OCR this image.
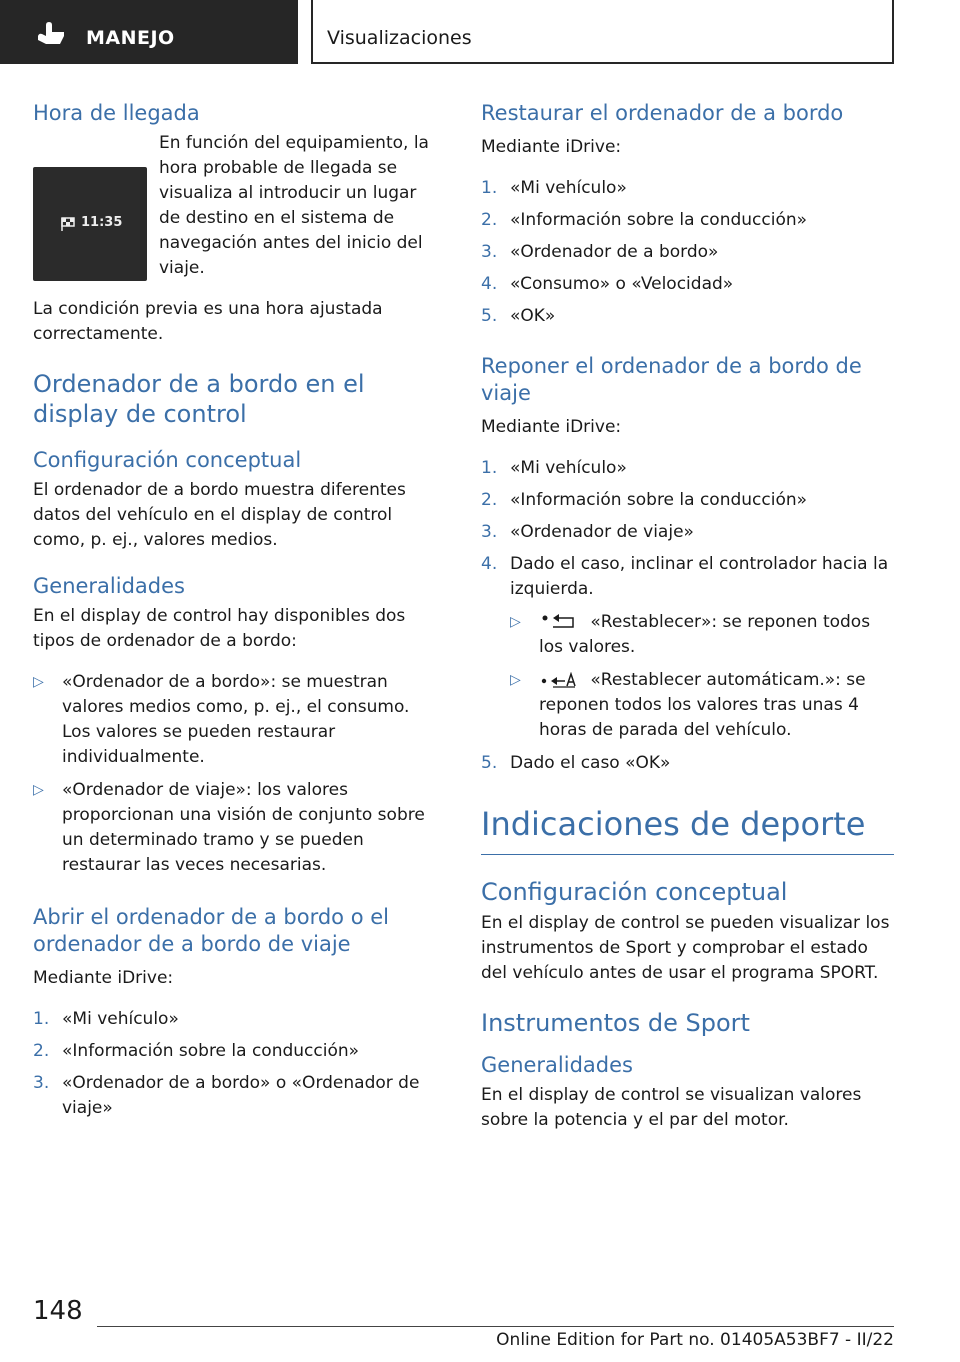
MANEJO	Visualizaciones
Hora de llegada
11:35

En función del equipamiento, la hora probable de llegada se visualiza al introducir un lugar de destino en el sistema de navegación antes del inicio del viaje.

La condición previa es una hora ajustada correctamente.

Ordenador de a bordo en el display de control
Configuración conceptual

El ordenador de a bordo muestra diferentes datos del vehículo en el display de control como, p. ej., valores medios.

Generalidades

En el display de control hay disponibles dos tipos de ordenador de a bordo:

▷ «Ordenador de a bordo»: se muestran valores medios como, p. ej., el consumo. Los valores se pueden restaurar individualmente.
▷ «Ordenador de viaje»: los valores proporcionan una visión de conjunto sobre un determinado tramo y se pueden restaurar las veces necesarias.
Abrir el ordenador de a bordo o el ordenador de a bordo de viaje

Mediante iDrive:

1. «Mi vehículo»
2. «Información sobre la conducción»
3. «Ordenador de a bordo» o «Ordenador de viaje»
Restaurar el ordenador de a bordo

Mediante iDrive:

1. «Mi vehículo»
2. «Información sobre la conducción»
3. «Ordenador de a bordo»
4. «Consumo» o «Velocidad»
5. «OK»
Reponer el ordenador de a bordo de viaje

Mediante iDrive:

1. «Mi vehículo»
2. «Información sobre la conducción»
3. «Ordenador de viaje»
4. Dado el caso, inclinar el controlador hacia la izquierda.
▷	«Restablecer»: se reponen todos los valores.
▷	«Restablecer automáticam.»: se reponen todos los valores tras unas 4 horas de parada del vehículo.
5. Dado el caso «OK»
Indicaciones de deporte
Configuración conceptual

En el display de control se pueden visualizar los instrumentos de Sport y comprobar el estado del vehículo antes de usar el programa SPORT.

Instrumentos de Sport
Generalidades

En el display de control se visualizan valores sobre la potencia y el par del motor.

148
Online Edition for Part no. 01405A53BF7 - II/22
